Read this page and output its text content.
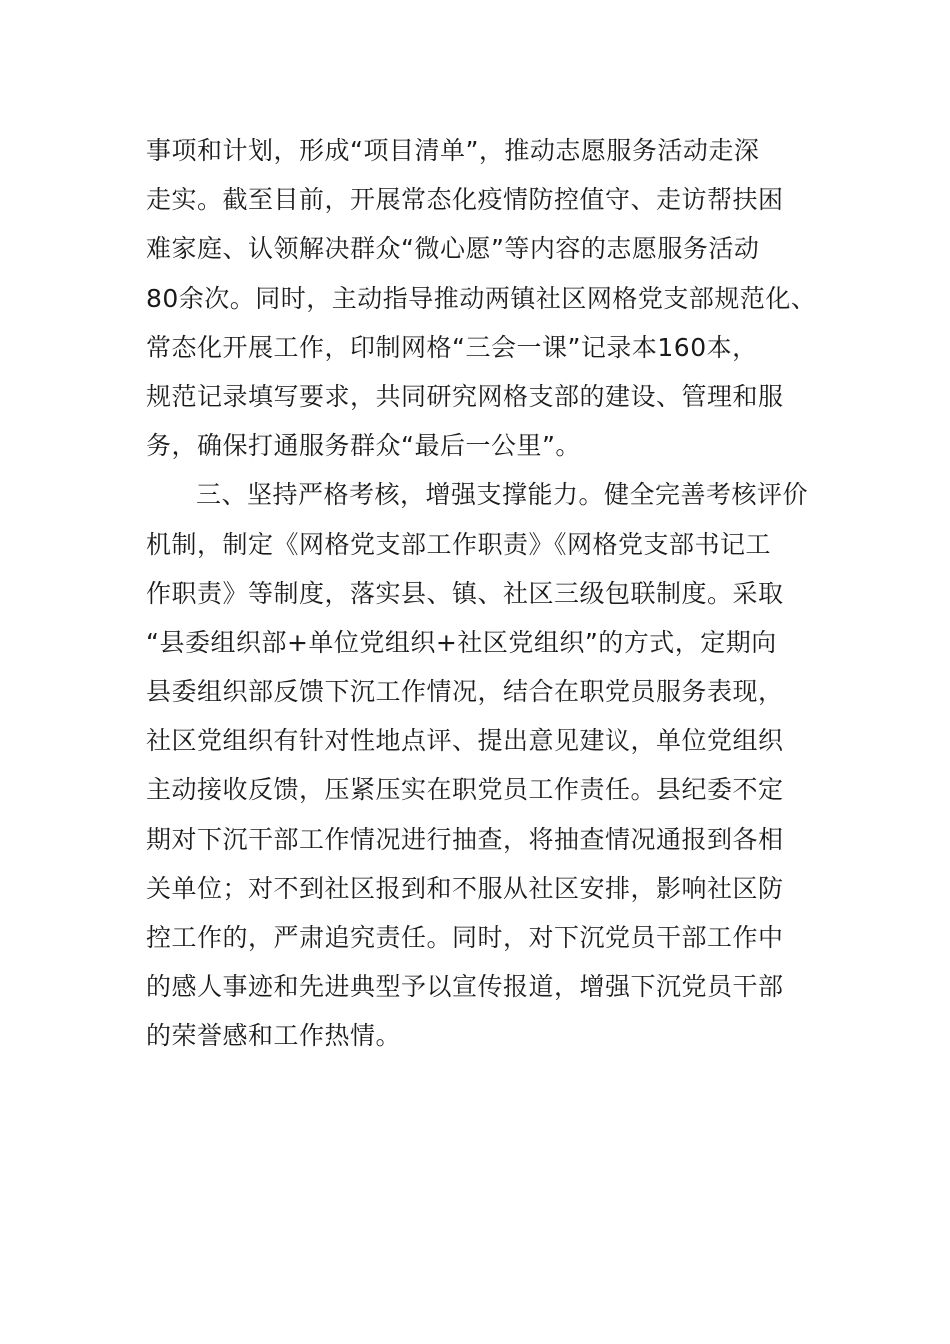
事项和计划，形成“项目清单”，推动志愿服务活动走深
走实。截至目前，开展常态化疫情防控值守、走访帮扶困
难家庭、认领解决群众“微心愿”等内容的志愿服务活动
80余次。同时，主动指导推动两镇社区网格党支部规范化、
常态化开展工作，印制网格“三会一课”记录本160本，
规范记录填写要求，共同研究网格支部的建设、管理和服
务，确保打通服务群众“最后一公里”。
三、坚持严格考核，增强支撑能力。健全完善考核评价
机制，制定《网格党支部工作职责》《网格党支部书记工
作职责》等制度，落实县、镇、社区三级包联制度。采取
“县委组织部+单位党组织+社区党组织”的方式，定期向
县委组织部反馈下沉工作情况，结合在职党员服务表现，
社区党组织有针对性地点评、提出意见建议，单位党组织
主动接收反馈，压紧压实在职党员工作责任。县纪委不定
期对下沉干部工作情况进行抽查，将抽查情况通报到各相
关单位；对不到社区报到和不服从社区安排，影响社区防
控工作的，严肃追究责任。同时，对下沉党员干部工作中
的感人事迹和先进典型予以宣传报道，增强下沉党员干部
的荣誉感和工作热情。
